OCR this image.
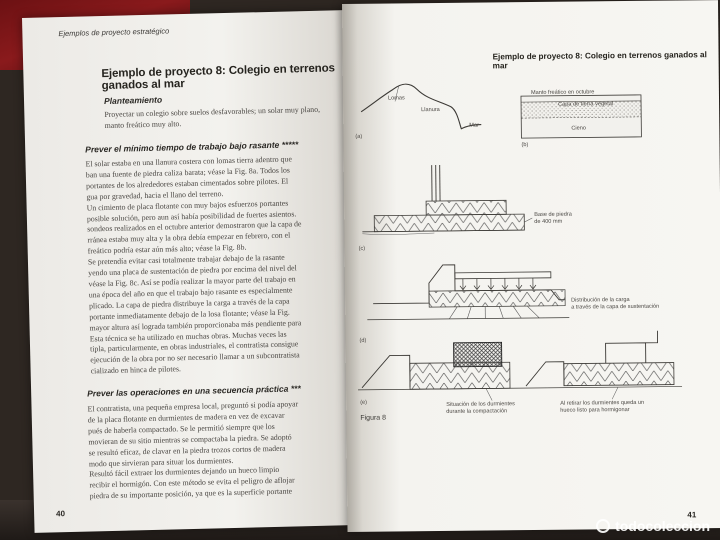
Ejemplos de proyecto estratégico
Ejemplo de proyecto 8: Colegio en terrenos ganados al mar
Planteamiento
Proyectar un colegio sobre suelos desfavorables; un solar muy plano,
manto freático muy alto.
Prever el mínimo tiempo de trabajo bajo rasante *****
El solar estaba en una llanura costera con lomas tierra adentro que
ban una fuente de piedra caliza barata; véase la Fig. 8a. Todos los
portantes de los alrededores estaban cimentados sobre pilotes. El
gua por gravedad, hacia el llano del terreno.
Un cimiento de placa flotante con muy bajos esfuerzos portantes
posible solución, pero aun así había posibilidad de fuertes asientos.
sondeos realizados en el octubre anterior demostraron que la capa de
rránea estaba muy alta y la obra debía empezar en febrero, con el
freático podría estar aún más alto; véase la Fig. 8b.
Se pretendía evitar casi totalmente trabajar debajo de la rasante
yendo una placa de sustentación de piedra por encima del nivel del
véase la Fig. 8c. Así se podía realizar la mayor parte del trabajo en
una época del año en que el trabajo bajo rasante es especialmente
plicado. La capa de piedra distribuye la carga a través de la capa
portante inmediatamente debajo de la losa flotante; véase la Fig.
mayor altura así lograda también proporcionaba más pendiente para
Esta técnica se ha utilizado en muchas obras. Muchas veces las
tipla, particularmente, en obras industriales, el contratista consigue
ejecución de la obra por no ser necesario llamar a un subcontratista
cializado en hinca de pilotes.
Prever las operaciones en una secuencia práctica ***
El contratista, una pequeña empresa local, preguntó si podía apoyar
de la placa flotante en durmientes de madera en vez de excavar
pués de haberla compactado. Se le permitió siempre que los
movieran de su sitio mientras se compactaba la piedra. Se adoptó
se resultó eficaz, de clavar en la piedra trozos cortos de madera
modo que sirvieran para situar los durmientes.
Resultó fácil extraer los durmientes dejando un hueco limpio
recibir el hormigón. Con este método se evita el peligro de aflojar
piedra de su importante posición, ya que es la superficie portante
40
Ejemplo de proyecto 8: Colegio en terrenos ganados al mar
Lomas
Llanura
Mar
(a)
Manto freático en octubre
Capa de tierra vegetal
Cieno
(b)
Base de piedra
de 400 mm
(c)
Distribución de la carga
a través de la capa de sustentación
(d)
Situación de los durmientes
durante la compactación
Al retirar los durmientes queda un
hueco listo para hormigonar
(e)
Figura 8
41
todocoleccion
